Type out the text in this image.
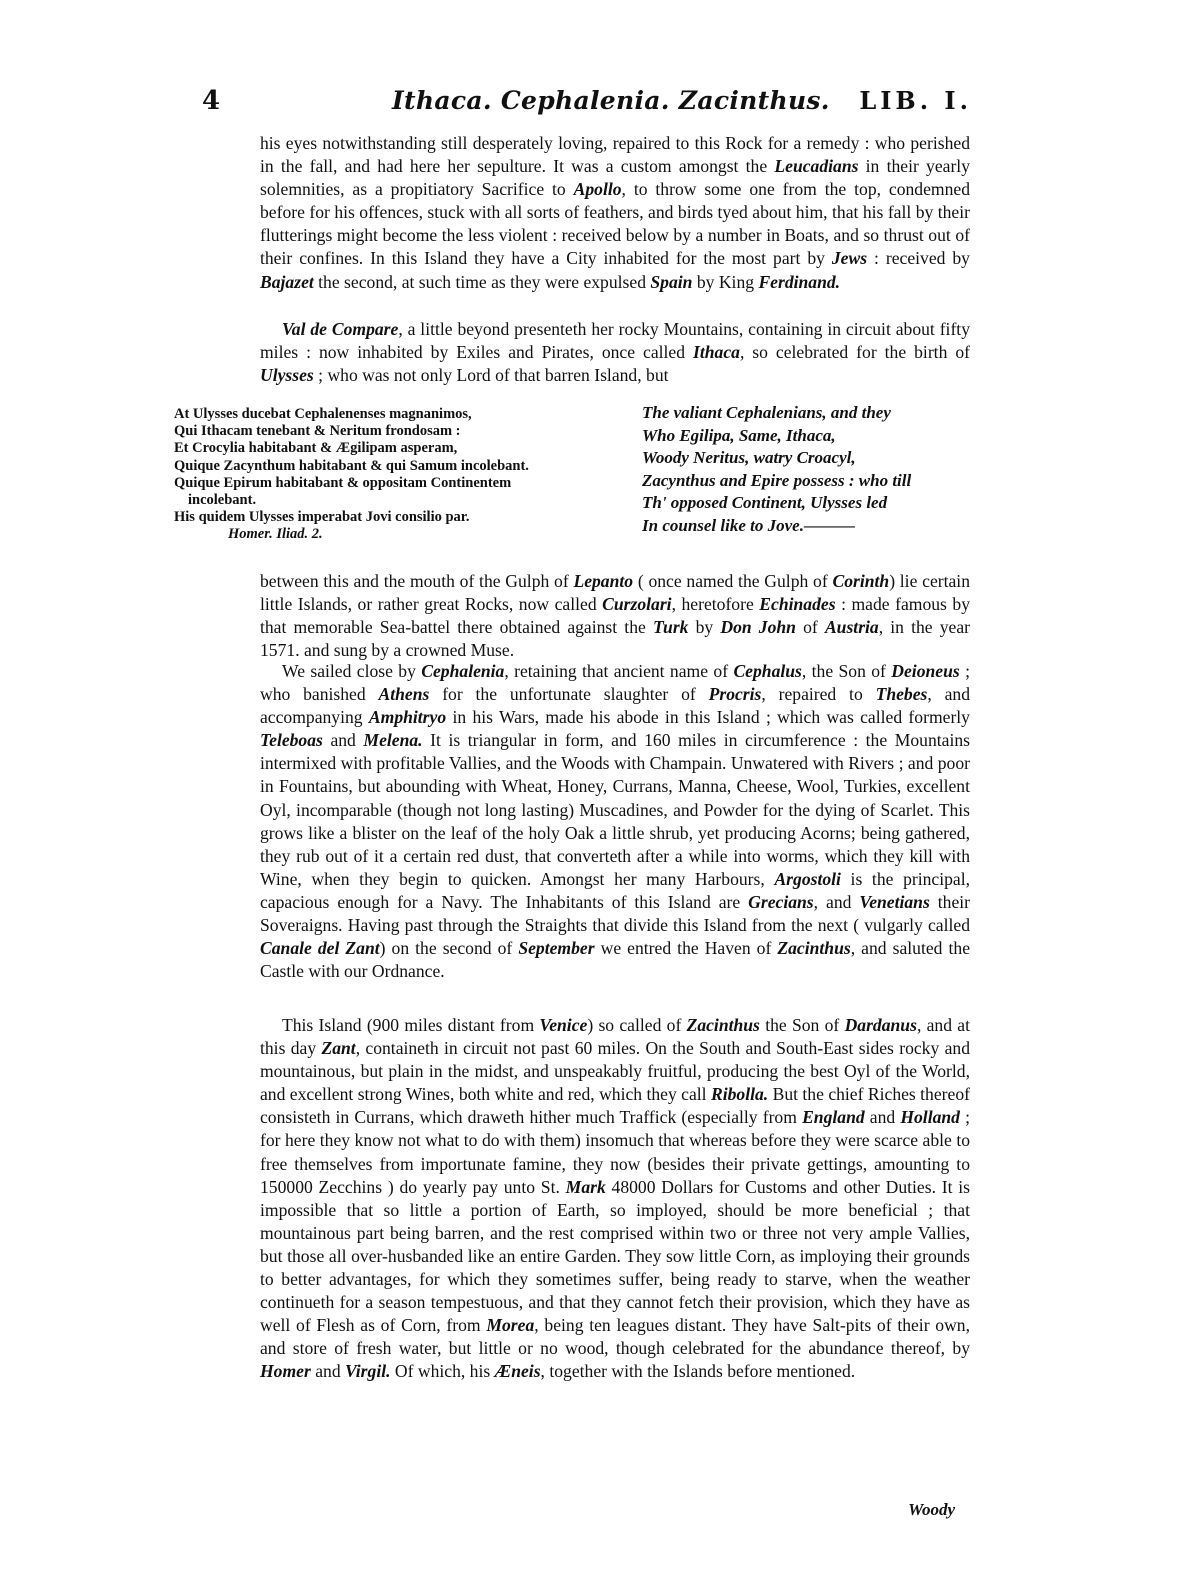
4	Ithaca. Cephalenia. Zacinthus. LIB. I.

his eyes notwithstanding still desperately loving, repaired to this Rock for a remedy : who perished in the fall, and had here her sepulture. It was a custom amongst the Leucadians in their yearly solemnities, as a propitiatory Sacrifice to Apollo, to throw some one from the top, condemned before for his offences, stuck with all sorts of feathers, and birds tyed about him, that his fall by their flutterings might become the less violent : received below by a number in Boats, and so thrust out of their confines. In this Island they have a City inhabited for the most part by Jews : received by Bajazet the second, at such time as they were expulsed Spain by King Ferdinand.

Val de Compare, a little beyond presenteth her rocky Mountains, containing in circuit about fifty miles : now inhabited by Exiles and Pirates, once called Ithaca, so celebrated for the birth of Ulysses ; who was not only Lord of that barren Island, but

At Ulysses ducebat Cephalenenses magnanimos,
Qui Ithacam tenebant & Neritum frondosam :
Et Crocylia habitabant & Ægilipam asperam,
Quique Zacynthum habitabant & qui Samum incolebant.
Quique Epirum habitabant & oppositam Continentem
incolebant.
His quidem Ulysses imperabat Jovi consilio par.
Homer. Iliad. 2.
The valiant Cephalenians, and they
Who Egilipa, Same, Ithaca,
Woody Neritus, watry Croacyl,
Zacynthus and Epire possess : who till
Th' opposed Continent, Ulysses led
In counsel like to Jove.———

between this and the mouth of the Gulph of Lepanto ( once named the Gulph of Corinth) lie certain little Islands, or rather great Rocks, now called Curzolari, heretofore Echinades : made famous by that memorable Sea-battel there obtained against the Turk by Don John of Austria, in the year 1571. and sung by a crowned Muse.

We sailed close by Cephalenia, retaining that ancient name of Cephalus, the Son of Deioneus ; who banished Athens for the unfortunate slaughter of Procris, repaired to Thebes, and accompanying Amphitryo in his Wars, made his abode in this Island ; which was called formerly Teleboas and Melena. It is triangular in form, and 160 miles in circumference : the Mountains intermixed with profitable Vallies, and the Woods with Champain. Unwatered with Rivers ; and poor in Fountains, but abounding with Wheat, Honey, Currans, Manna, Cheese, Wool, Turkies, excellent Oyl, incomparable (though not long lasting) Muscadines, and Powder for the dying of Scarlet. This grows like a blister on the leaf of the holy Oak a little shrub, yet producing Acorns; being gathered, they rub out of it a certain red dust, that converteth after a while into worms, which they kill with Wine, when they begin to quicken. Amongst her many Harbours, Argostoli is the principal, capacious enough for a Navy. The Inhabitants of this Island are Grecians, and Venetians their Soveraigns. Having past through the Straights that divide this Island from the next ( vulgarly called Canale del Zant) on the second of September we entred the Haven of Zacinthus, and saluted the Castle with our Ordnance.

This Island (900 miles distant from Venice) so called of Zacinthus the Son of Dardanus, and at this day Zant, containeth in circuit not past 60 miles. On the South and South-East sides rocky and mountainous, but plain in the midst, and unspeakably fruitful, producing the best Oyl of the World, and excellent strong Wines, both white and red, which they call Ribolla. But the chief Riches thereof consisteth in Currans, which draweth hither much Traffick (especially from England and Holland ; for here they know not what to do with them) insomuch that whereas before they were scarce able to free themselves from importunate famine, they now (besides their private gettings, amounting to 150000 Zecchins ) do yearly pay unto St. Mark 48000 Dollars for Customs and other Duties. It is impossible that so little a portion of Earth, so imployed, should be more beneficial ; that mountainous part being barren, and the rest comprised within two or three not very ample Vallies, but those all over-husbanded like an entire Garden. They sow little Corn, as imploying their grounds to better advantages, for which they sometimes suffer, being ready to starve, when the weather continueth for a season tempestuous, and that they cannot fetch their provision, which they have as well of Flesh as of Corn, from Morea, being ten leagues distant. They have Salt-pits of their own, and store of fresh water, but little or no wood, though celebrated for the abundance thereof, by Homer and Virgil. Of which, his Æneis, together with the Islands before mentioned.

Woody
